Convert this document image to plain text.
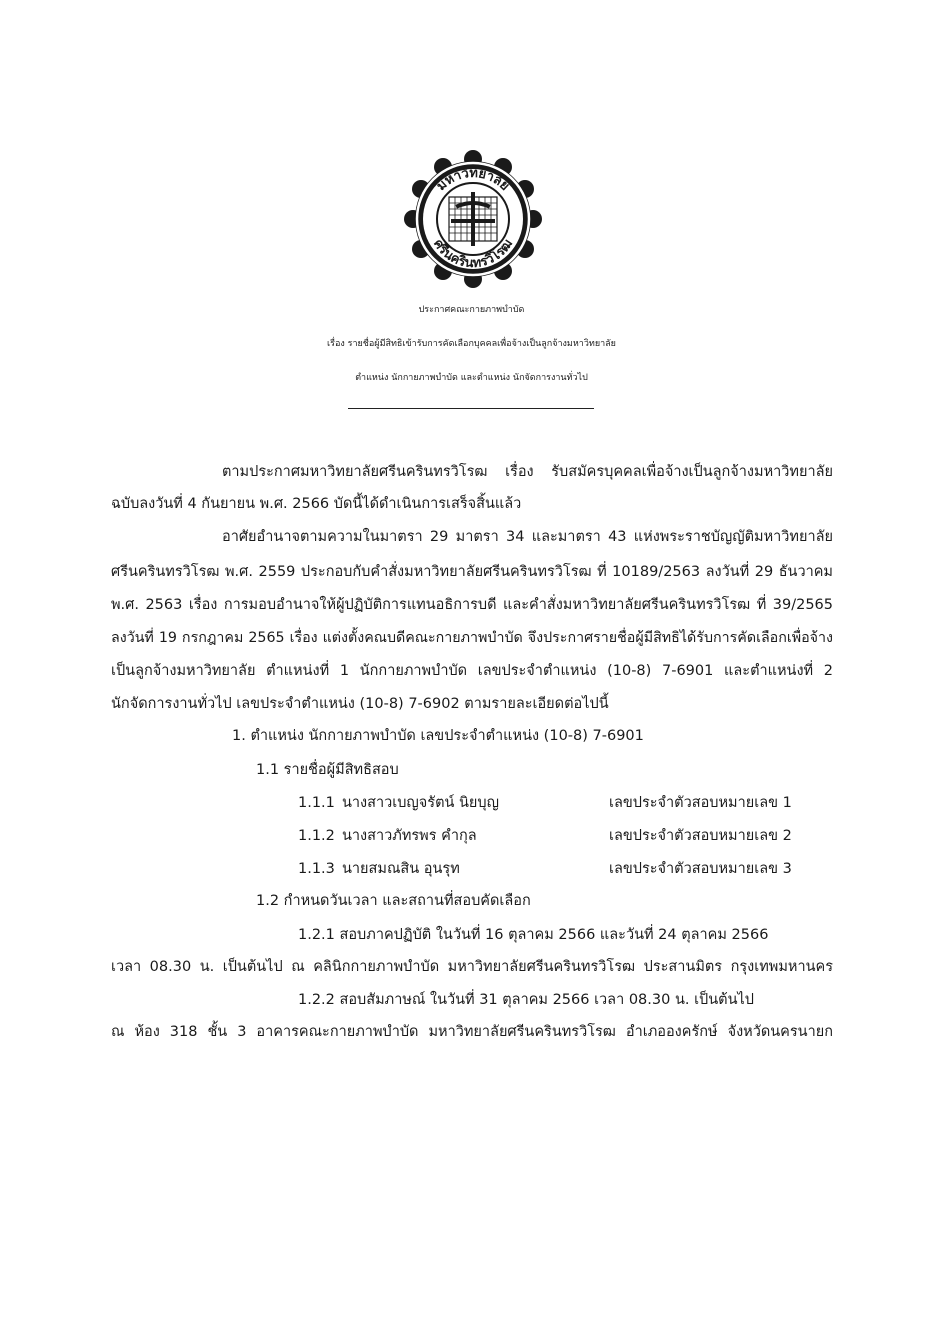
มหาวิทยาลัย
ศรีนครินทรวิโรฒ
ประกาศคณะกายภาพบำบัด
เรื่อง รายชื่อผู้มีสิทธิเข้ารับการคัดเลือกบุคคลเพื่อจ้างเป็นลูกจ้างมหาวิทยาลัย
ตำแหน่ง นักกายภาพบำบัด และตำแหน่ง นักจัดการงานทั่วไป
ตามประกาศมหาวิทยาลัยศรีนครินทรวิโรฒ เรื่อง รับสมัครบุคคลเพื่อจ้างเป็นลูกจ้างมหาวิทยาลัย
ฉบับลงวันที่ 4 กันยายน พ.ศ. 2566 บัดนี้ได้ดำเนินการเสร็จสิ้นแล้ว
อาศัยอำนาจตามความในมาตรา 29 มาตรา 34 และมาตรา 43 แห่งพระราชบัญญัติมหาวิทยาลัย
ศรีนครินทรวิโรฒ พ.ศ. 2559 ประกอบกับคำสั่งมหาวิทยาลัยศรีนครินทรวิโรฒ ที่ 10189/2563 ลงวันที่ 29 ธันวาคม
พ.ศ. 2563 เรื่อง การมอบอำนาจให้ผู้ปฏิบัติการแทนอธิการบดี และคำสั่งมหาวิทยาลัยศรีนครินทรวิโรฒ ที่ 39/2565
ลงวันที่ 19 กรกฎาคม 2565 เรื่อง แต่งตั้งคณบดีคณะกายภาพบำบัด จึงประกาศรายชื่อผู้มีสิทธิได้รับการคัดเลือกเพื่อจ้าง
เป็นลูกจ้างมหาวิทยาลัย ตำแหน่งที่ 1 นักกายภาพบำบัด เลขประจำตำแหน่ง (10-8) 7-6901 และตำแหน่งที่ 2
นักจัดการงานทั่วไป เลขประจำตำแหน่ง (10-8) 7-6902 ตามรายละเอียดต่อไปนี้
1. ตำแหน่ง นักกายภาพบำบัด เลขประจำตำแหน่ง (10-8) 7-6901
1.1 รายชื่อผู้มีสิทธิสอบ
1.1.1 นางสาวเบญจรัตน์ นิยบุญ	เลขประจำตัวสอบหมายเลข 1
1.1.2 นางสาวภัทรพร คำกุล	เลขประจำตัวสอบหมายเลข 2
1.1.3 นายสมณสิน อุนรุท	เลขประจำตัวสอบหมายเลข 3
1.2 กำหนดวันเวลา และสถานที่สอบคัดเลือก
1.2.1 สอบภาคปฏิบัติ ในวันที่ 16 ตุลาคม 2566 และวันที่ 24 ตุลาคม 2566
เวลา 08.30 น. เป็นต้นไป ณ คลินิกกายภาพบำบัด มหาวิทยาลัยศรีนครินทรวิโรฒ ประสานมิตร กรุงเทพมหานคร
1.2.2 สอบสัมภาษณ์ ในวันที่ 31 ตุลาคม 2566 เวลา 08.30 น. เป็นต้นไป
ณ ห้อง 318 ชั้น 3 อาคารคณะกายภาพบำบัด มหาวิทยาลัยศรีนครินทรวิโรฒ อำเภอองครักษ์ จังหวัดนครนายก
